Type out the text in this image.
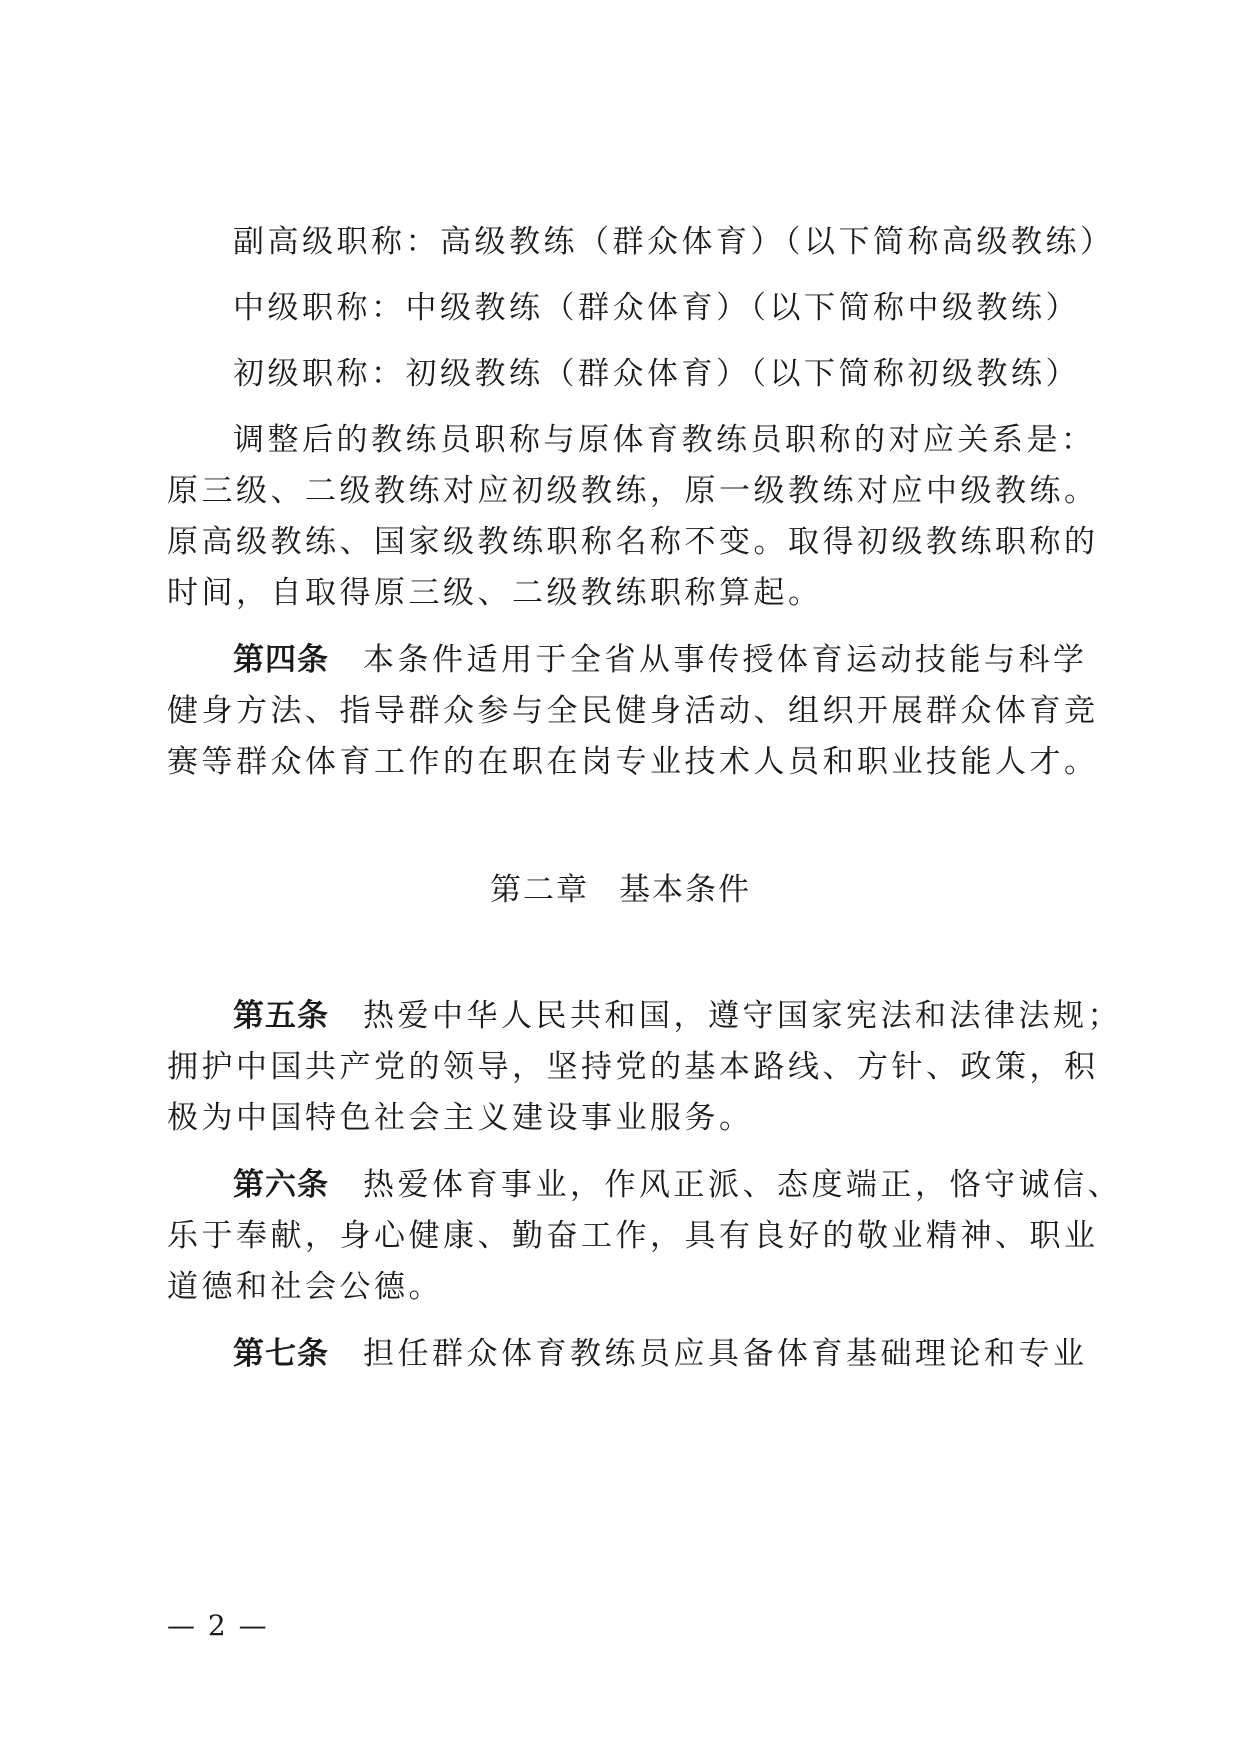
副高级职称：高级教练（群众体育）（以下简称高级教练）
中级职称：中级教练（群众体育）（以下简称中级教练）
初级职称：初级教练（群众体育）（以下简称初级教练）
调整后的教练员职称与原体育教练员职称的对应关系是：
原三级、二级教练对应初级教练，原一级教练对应中级教练。
原高级教练、国家级教练职称名称不变。取得初级教练职称的
时间，自取得原三级、二级教练职称算起。
第四条 本条件适用于全省从事传授体育运动技能与科学
健身方法、指导群众参与全民健身活动、组织开展群众体育竞
赛等群众体育工作的在职在岗专业技术人员和职业技能人才。
第二章 基本条件
第五条 热爱中华人民共和国，遵守国家宪法和法律法规；
拥护中国共产党的领导，坚持党的基本路线、方针、政策，积
极为中国特色社会主义建设事业服务。
第六条 热爱体育事业，作风正派、态度端正，恪守诚信、
乐于奉献，身心健康、勤奋工作，具有良好的敬业精神、职业
道德和社会公德。
第七条 担任群众体育教练员应具备体育基础理论和专业
— 2 —
